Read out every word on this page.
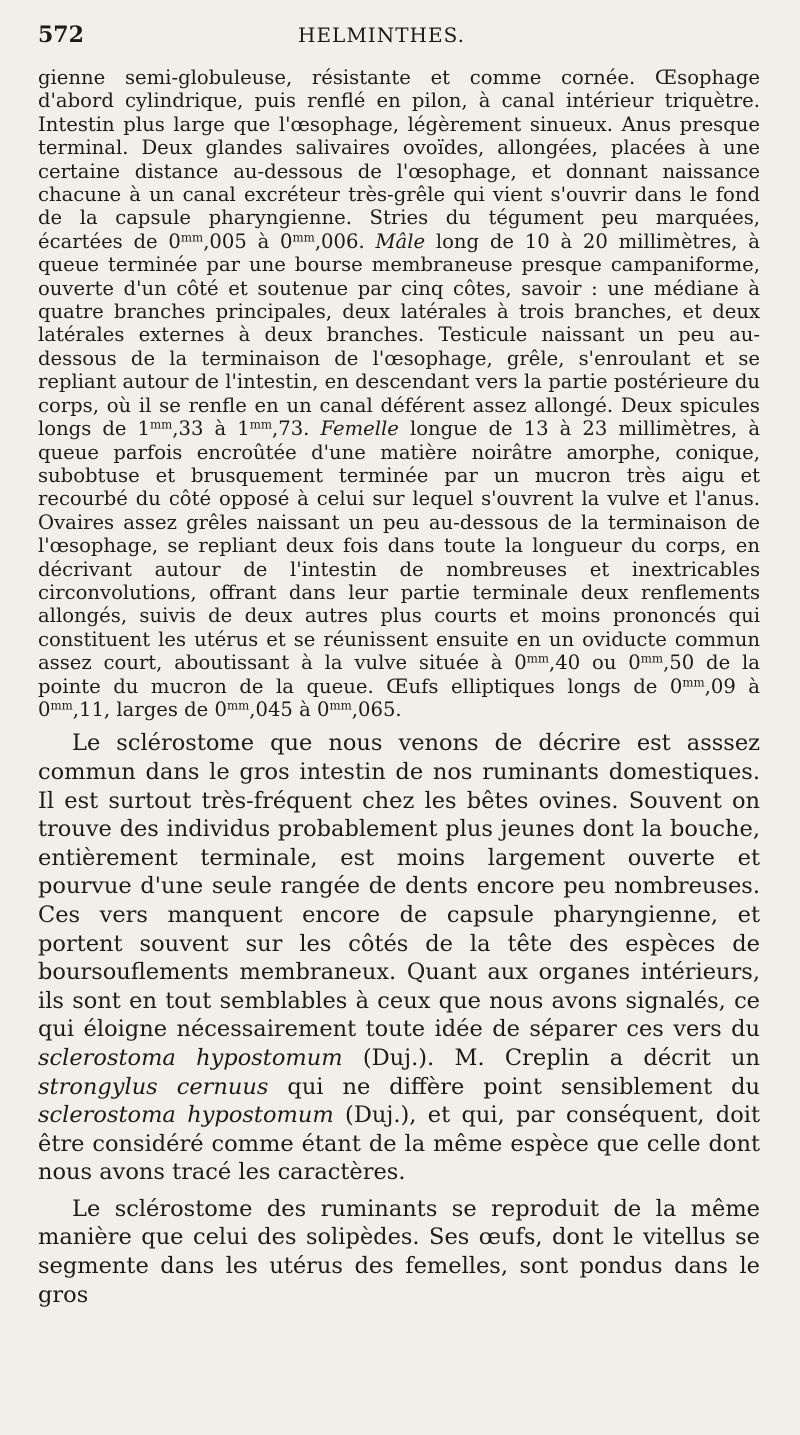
572	HELMINTHES.

gienne semi-globuleuse, résistante et comme cornée. Œsophage d'abord cylindrique, puis renflé en pilon, à canal intérieur triquètre. Intestin plus large que l'œsophage, légèrement sinueux. Anus presque terminal. Deux glandes salivaires ovoïdes, allongées, placées à une certaine distance au-dessous de l'œsophage, et donnant naissance chacune à un canal excréteur très-grêle qui vient s'ouvrir dans le fond de la capsule pharyngienne. Stries du tégument peu marquées, écartées de $0^{mm},005$ à $0^{mm},006$. Mâle long de 10 à 20 millimètres, à queue terminée par une bourse membraneuse presque campaniforme, ouverte d'un côté et soutenue par cinq côtes, savoir : une médiane à quatre branches principales, deux latérales à trois branches, et deux latérales externes à deux branches. Testicule naissant un peu au-dessous de la terminaison de l'œsophage, grêle, s'enroulant et se repliant autour de l'intestin, en descendant vers la partie postérieure du corps, où il se renfle en un canal déférent assez allongé. Deux spicules longs de $1^{mm},33$ à $1^{mm},73$. Femelle longue de 13 à 23 millimètres, à queue parfois encroûtée d'une matière noirâtre amorphe, conique, subobtuse et brusquement terminée par un mucron très aigu et recourbé du côté opposé à celui sur lequel s'ouvrent la vulve et l'anus. Ovaires assez grêles naissant un peu au-dessous de la terminaison de l'œsophage, se repliant deux fois dans toute la longueur du corps, en décrivant autour de l'intestin de nombreuses et inextricables circonvolutions, offrant dans leur partie terminale deux renflements allongés, suivis de deux autres plus courts et moins prononcés qui constituent les utérus et se réunissent ensuite en un oviducte commun assez court, aboutissant à la vulve située à $0^{mm},40$ ou $0^{mm},50$ de la pointe du mucron de la queue. Œufs elliptiques longs de $0^{mm},09$ à $0^{mm},11$, larges de $0^{mm},045$ à $0^{mm},065$.

Le sclérostome que nous venons de décrire est asssez commun dans le gros intestin de nos ruminants domestiques. Il est surtout très-fréquent chez les bêtes ovines. Souvent on trouve des individus probablement plus jeunes dont la bouche, entièrement terminale, est moins largement ouverte et pourvue d'une seule rangée de dents encore peu nombreuses. Ces vers manquent encore de capsule pharyngienne, et portent souvent sur les côtés de la tête des espèces de boursouflements membraneux. Quant aux organes intérieurs, ils sont en tout semblables à ceux que nous avons signalés, ce qui éloigne nécessairement toute idée de séparer ces vers du sclerostoma hypostomum (Duj.). M. Creplin a décrit un strongylus cernuus qui ne diffère point sensiblement du sclerostoma hypostomum (Duj.), et qui, par conséquent, doit être considéré comme étant de la même espèce que celle dont nous avons tracé les caractères.

Le sclérostome des ruminants se reproduit de la même manière que celui des solipèdes. Ses œufs, dont le vitellus se segmente dans les utérus des femelles, sont pondus dans le gros
